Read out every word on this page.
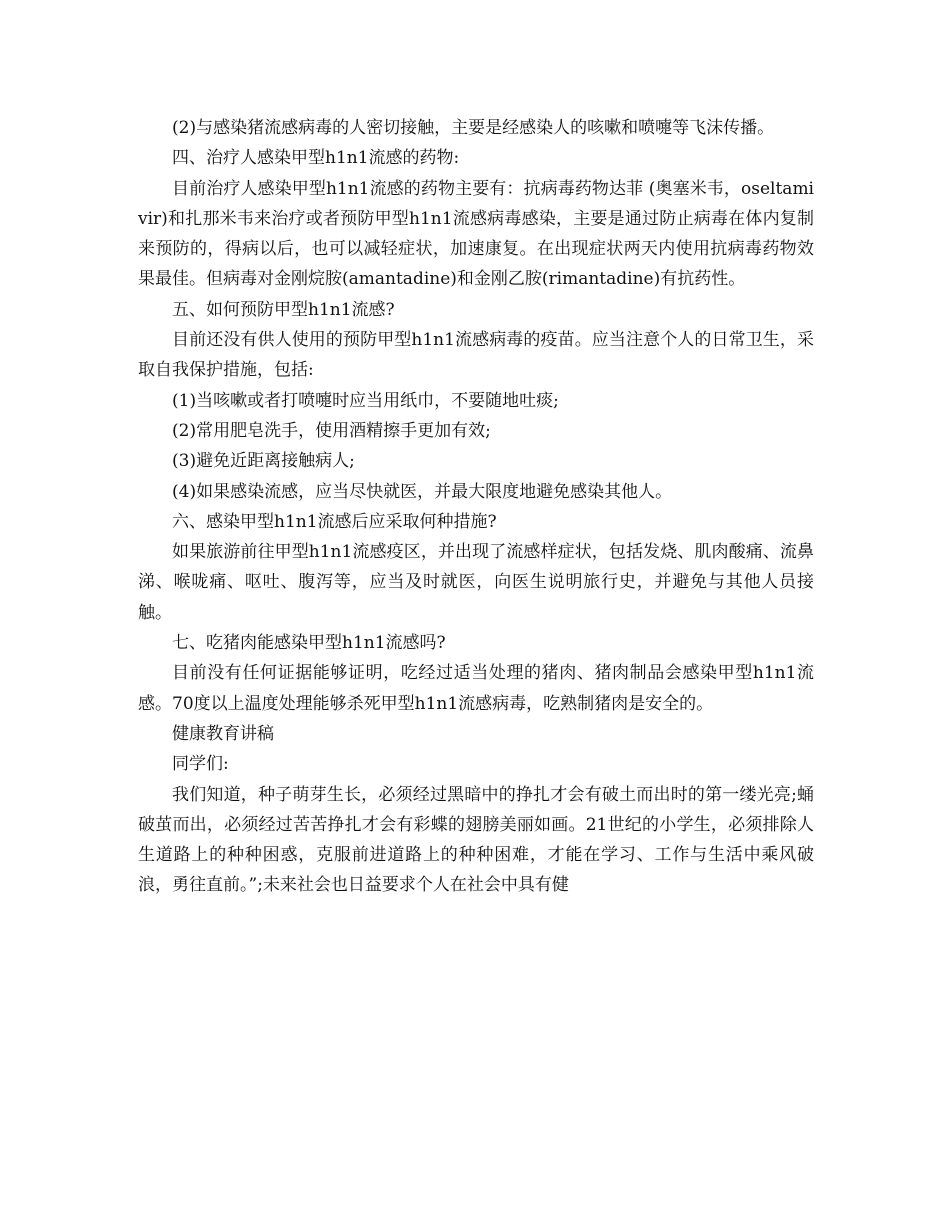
(2)与感染猪流感病毒的人密切接触，主要是经感染人的咳嗽和喷嚏等飞沫传播。

四、治疗人感染甲型h1n1流感的药物:

目前治疗人感染甲型h1n1流感的药物主要有：抗病毒药物达菲 (奥塞米韦，oseltamivir)和扎那米韦来治疗或者预防甲型h1n1流感病毒感染，主要是通过防止病毒在体内复制来预防的，得病以后，也可以减轻症状，加速康复。在出现症状两天内使用抗病毒药物效果最佳。但病毒对金刚烷胺(amantadine)和金刚乙胺(rimantadine)有抗药性。

五、如何预防甲型h1n1流感?

目前还没有供人使用的预防甲型h1n1流感病毒的疫苗。应当注意个人的日常卫生，采取自我保护措施，包括:

(1)当咳嗽或者打喷嚏时应当用纸巾，不要随地吐痰;

(2)常用肥皂洗手，使用酒精擦手更加有效;

(3)避免近距离接触病人;

(4)如果感染流感，应当尽快就医，并最大限度地避免感染其他人。

六、感染甲型h1n1流感后应采取何种措施?

如果旅游前往甲型h1n1流感疫区，并出现了流感样症状，包括发烧、肌肉酸痛、流鼻涕、喉咙痛、呕吐、腹泻等，应当及时就医，向医生说明旅行史，并避免与其他人员接触。

七、吃猪肉能感染甲型h1n1流感吗?

目前没有任何证据能够证明，吃经过适当处理的猪肉、猪肉制品会感染甲型h1n1流感。70度以上温度处理能够杀死甲型h1n1流感病毒，吃熟制猪肉是安全的。

健康教育讲稿

同学们:

我们知道，种子萌芽生长，必须经过黑暗中的挣扎才会有破土而出时的第一缕光亮;蛹破茧而出，必须经过苦苦挣扎才会有彩蝶的翅膀美丽如画。21世纪的小学生，必须排除人生道路上的种种困惑，克服前进道路上的种种困难，才能在学习、工作与生活中乘风破浪，勇往直前。”;未来社会也日益要求个人在社会中具有健
